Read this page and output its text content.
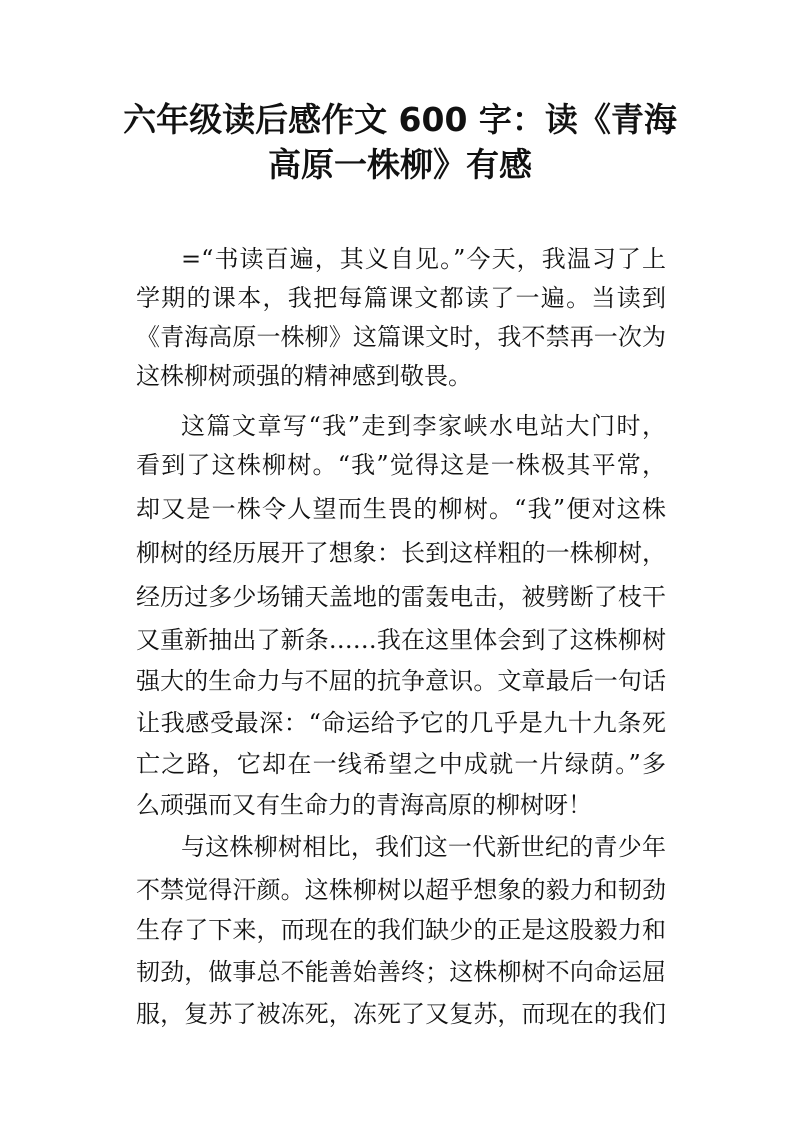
六年级读后感作文 600 字：读《青海
高原一株柳》有感
=“书读百遍，其义自见。”今天，我温习了上
学期的课本，我把每篇课文都读了一遍。当读到
《青海高原一株柳》这篇课文时，我不禁再一次为
这株柳树顽强的精神感到敬畏。
这篇文章写“我”走到李家峡水电站大门时，
看到了这株柳树。“我”觉得这是一株极其平常，
却又是一株令人望而生畏的柳树。“我”便对这株
柳树的经历展开了想象：长到这样粗的一株柳树，
经历过多少场铺天盖地的雷轰电击，被劈断了枝干
又重新抽出了新条……我在这里体会到了这株柳树
强大的生命力与不屈的抗争意识。文章最后一句话
让我感受最深：“命运给予它的几乎是九十九条死
亡之路，它却在一线希望之中成就一片绿荫。”多
么顽强而又有生命力的青海高原的柳树呀！
与这株柳树相比，我们这一代新世纪的青少年
不禁觉得汗颜。这株柳树以超乎想象的毅力和韧劲
生存了下来，而现在的我们缺少的正是这股毅力和
韧劲，做事总不能善始善终；这株柳树不向命运屈
服，复苏了被冻死，冻死了又复苏，而现在的我们
